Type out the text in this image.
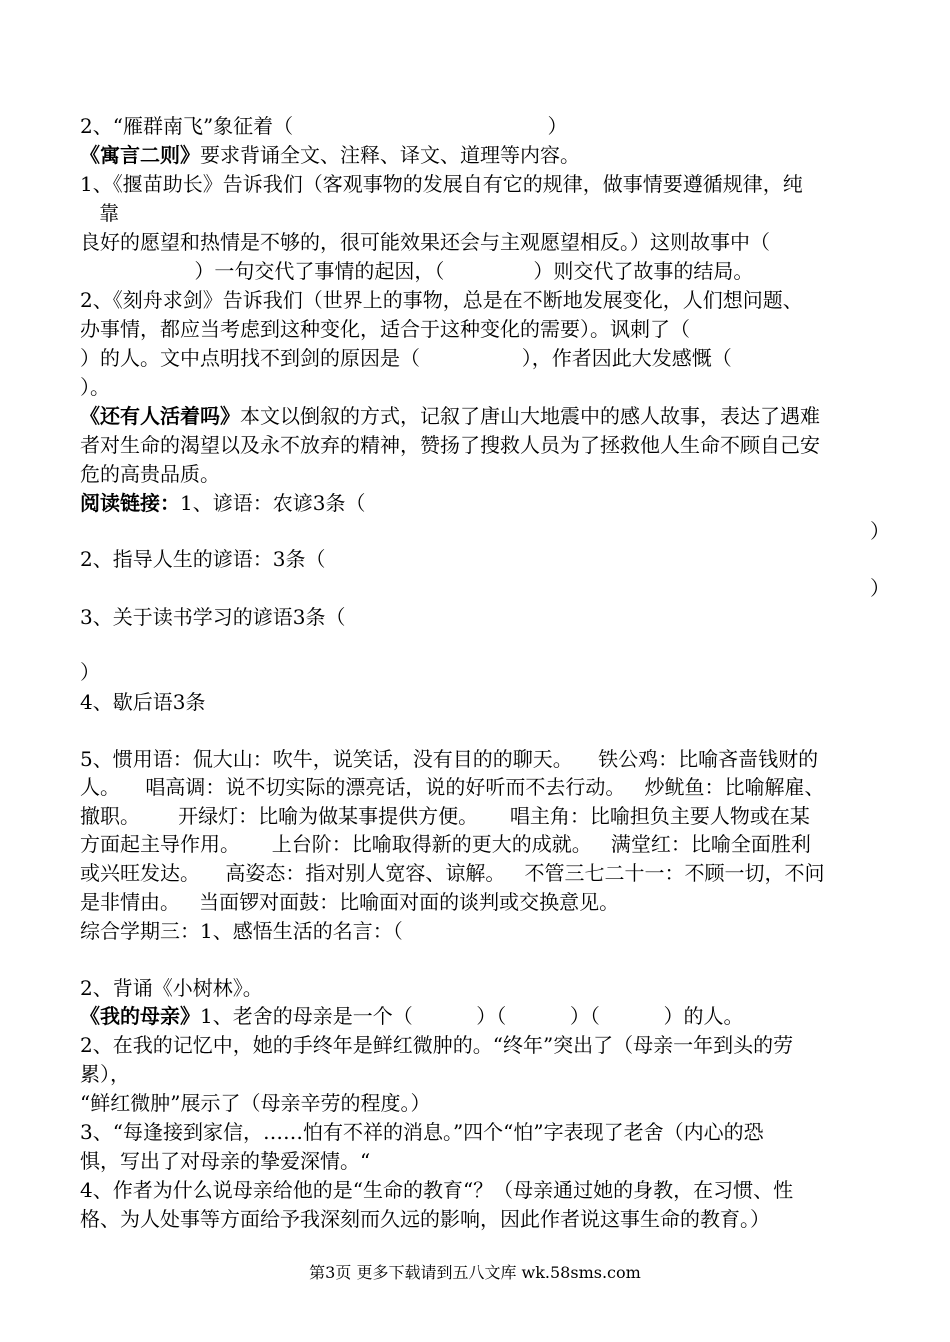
2、“雁群南飞”象征着（                                        ）

《寓言二则》要求背诵全文、注释、译文、道理等内容。

1、《揠苗助长》告诉我们（客观事物的发展自有它的规律，做事情要遵循规律，纯

靠

良好的愿望和热情是不够的，很可能效果还会与主观愿望相反。）这则故事中（

）一句交代了事情的起因，（              ）则交代了故事的结局。

2、《刻舟求剑》告诉我们（世界上的事物，总是在不断地发展变化，人们想问题、

办事情，都应当考虑到这种变化，适合于这种变化的需要）。讽刺了（

）的人。文中点明找不到剑的原因是（                ），作者因此大发感慨（

）。

《还有人活着吗》本文以倒叙的方式，记叙了唐山大地震中的感人故事，表达了遇难

者对生命的渴望以及永不放弃的精神，赞扬了搜救人员为了拯救他人生命不顾自己安

危的高贵品质。

阅读链接：1、谚语：农谚3条（

）

2、指导人生的谚语：3条（

）

3、关于读书学习的谚语3条（

）

4、歇后语3条

5、惯用语：侃大山：吹牛，说笑话，没有目的的聊天。    铁公鸡：比喻吝啬钱财的

人。    唱高调：说不切实际的漂亮话，说的好听而不去行动。   炒鱿鱼：比喻解雇、

撤职。      开绿灯：比喻为做某事提供方便。     唱主角：比喻担负主要人物或在某

方面起主导作用。     上台阶：比喻取得新的更大的成就。   满堂红：比喻全面胜利

或兴旺发达。    高姿态：指对别人宽容、谅解。   不管三七二十一：不顾一切，不问

是非情由。   当面锣对面鼓：比喻面对面的谈判或交换意见。

综合学期三：1、感悟生活的名言：（

2、背诵《小树林》。

《我的母亲》1、老舍的母亲是一个（          ）（          ）（          ）的人。

2、在我的记忆中，她的手终年是鲜红微肿的。“终年”突出了（母亲一年到头的劳

累），

“鲜红微肿”展示了（母亲辛劳的程度。）

3、“每逢接到家信，……怕有不祥的消息。”四个“怕”字表现了老舍（内心的恐

惧，写出了对母亲的挚爱深情。“

4、作者为什么说母亲给他的是“生命的教育“？（母亲通过她的身教，在习惯、性

格、为人处事等方面给予我深刻而久远的影响，因此作者说这事生命的教育。）

第3页 更多下载请到五八文库 wk.58sms.com
